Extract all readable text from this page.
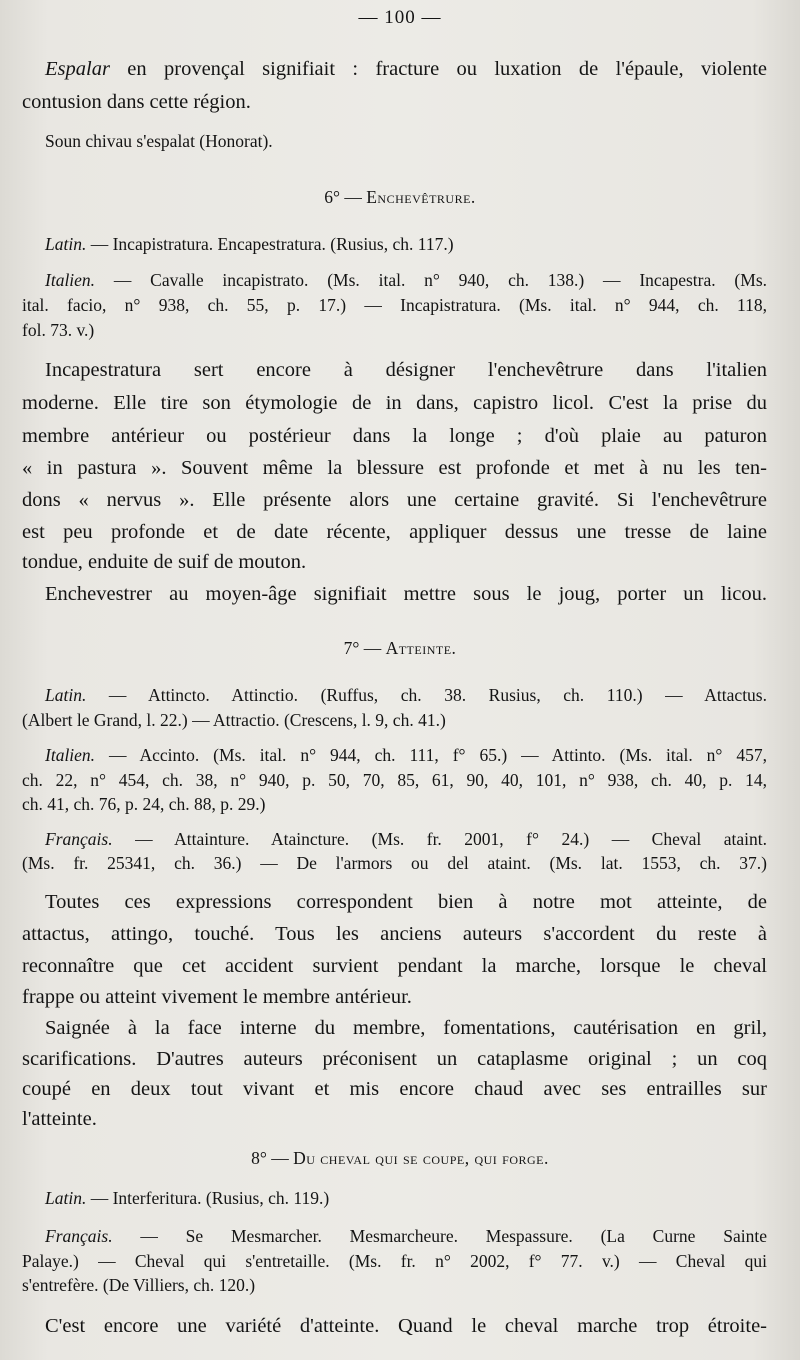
— 100 —

Espalar en provençal signifiait : fracture ou luxation de l'épaule, violente

contusion dans cette région.

Soun chivau s'espalat (Honorat).

6° — Enchevêtrure.

Latin. — Incapistratura. Encapestratura. (Rusius, ch. 117.)

Italien. — Cavalle incapistrato. (Ms. ital. n° 940, ch. 138.) — Incapestra. (Ms.

ital. facio, n° 938, ch. 55, p. 17.) — Incapistratura. (Ms. ital. n° 944, ch. 118,

fol. 73. v.)

Incapestratura sert encore à désigner l'enchevêtrure dans l'italien

moderne. Elle tire son étymologie de in dans, capistro licol. C'est la prise du

membre antérieur ou postérieur dans la longe ; d'où plaie au paturon

« in pastura ». Souvent même la blessure est profonde et met à nu les ten-

dons « nervus ». Elle présente alors une certaine gravité. Si l'enchevêtrure

est peu profonde et de date récente, appliquer dessus une tresse de laine

tondue, enduite de suif de mouton.

Enchevestrer au moyen-âge signifiait mettre sous le joug, porter un licou.

7° — Atteinte.

Latin. — Attincto. Attinctio. (Ruffus, ch. 38. Rusius, ch. 110.) — Attactus.

(Albert le Grand, l. 22.) — Attractio. (Crescens, l. 9, ch. 41.)

Italien. — Accinto. (Ms. ital. n° 944, ch. 111, f° 65.) — Attinto. (Ms. ital. n° 457,

ch. 22, n° 454, ch. 38, n° 940, p. 50, 70, 85, 61, 90, 40, 101, n° 938, ch. 40, p. 14,

ch. 41, ch. 76, p. 24, ch. 88, p. 29.)

Français. — Attainture. Ataincture. (Ms. fr. 2001, f° 24.) — Cheval ataint.

(Ms. fr. 25341, ch. 36.) — De l'armors ou del ataint. (Ms. lat. 1553, ch. 37.)

Toutes ces expressions correspondent bien à notre mot atteinte, de

attactus, attingo, touché. Tous les anciens auteurs s'accordent du reste à

reconnaître que cet accident survient pendant la marche, lorsque le cheval

frappe ou atteint vivement le membre antérieur.

Saignée à la face interne du membre, fomentations, cautérisation en gril,

scarifications. D'autres auteurs préconisent un cataplasme original ; un coq

coupé en deux tout vivant et mis encore chaud avec ses entrailles sur

l'atteinte.

8° — Du cheval qui se coupe, qui forge.

Latin. — Interferitura. (Rusius, ch. 119.)

Français. — Se Mesmarcher. Mesmarcheure. Mespassure. (La Curne Sainte

Palaye.) — Cheval qui s'entretaille. (Ms. fr. n° 2002, f° 77. v.) — Cheval qui

s'entrefère. (De Villiers, ch. 120.)

C'est encore une variété d'atteinte. Quand le cheval marche trop étroite-
